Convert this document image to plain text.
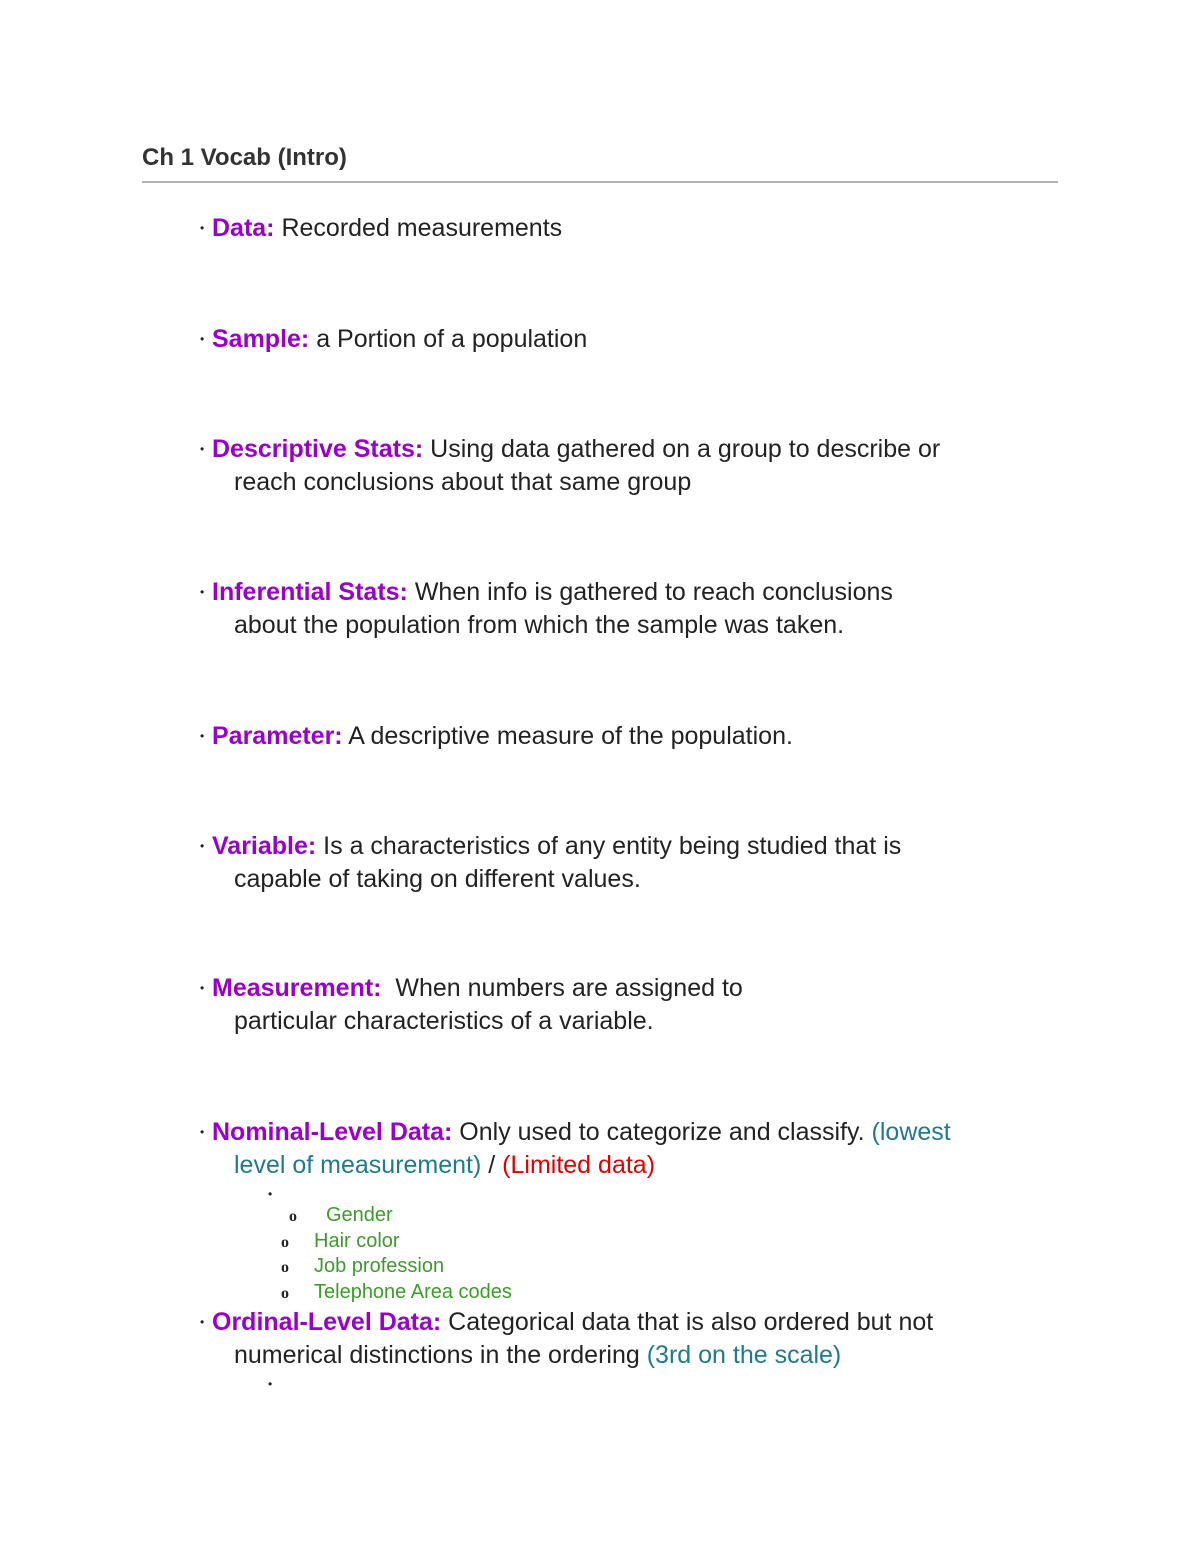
Ch 1 Vocab (Intro)
• Data: Recorded measurements
• Sample: a Portion of a population
• Descriptive Stats: Using data gathered on a group to describe or
reach conclusions about that same group
• Inferential Stats: When info is gathered to reach conclusions
about the population from which the sample was taken.
• Parameter: A descriptive measure of the population.
• Variable: Is a characteristics of any entity being studied that is
capable of taking on different values.
• Measurement:  When numbers are assigned to
particular characteristics of a variable.
• Nominal-Level Data: Only used to categorize and classify. (lowest
level of measurement) / (Limited data)
•
o Gender
o Hair color
o Job profession
o Telephone Area codes
• Ordinal-Level Data: Categorical data that is also ordered but not
numerical distinctions in the ordering (3rd on the scale)
•
